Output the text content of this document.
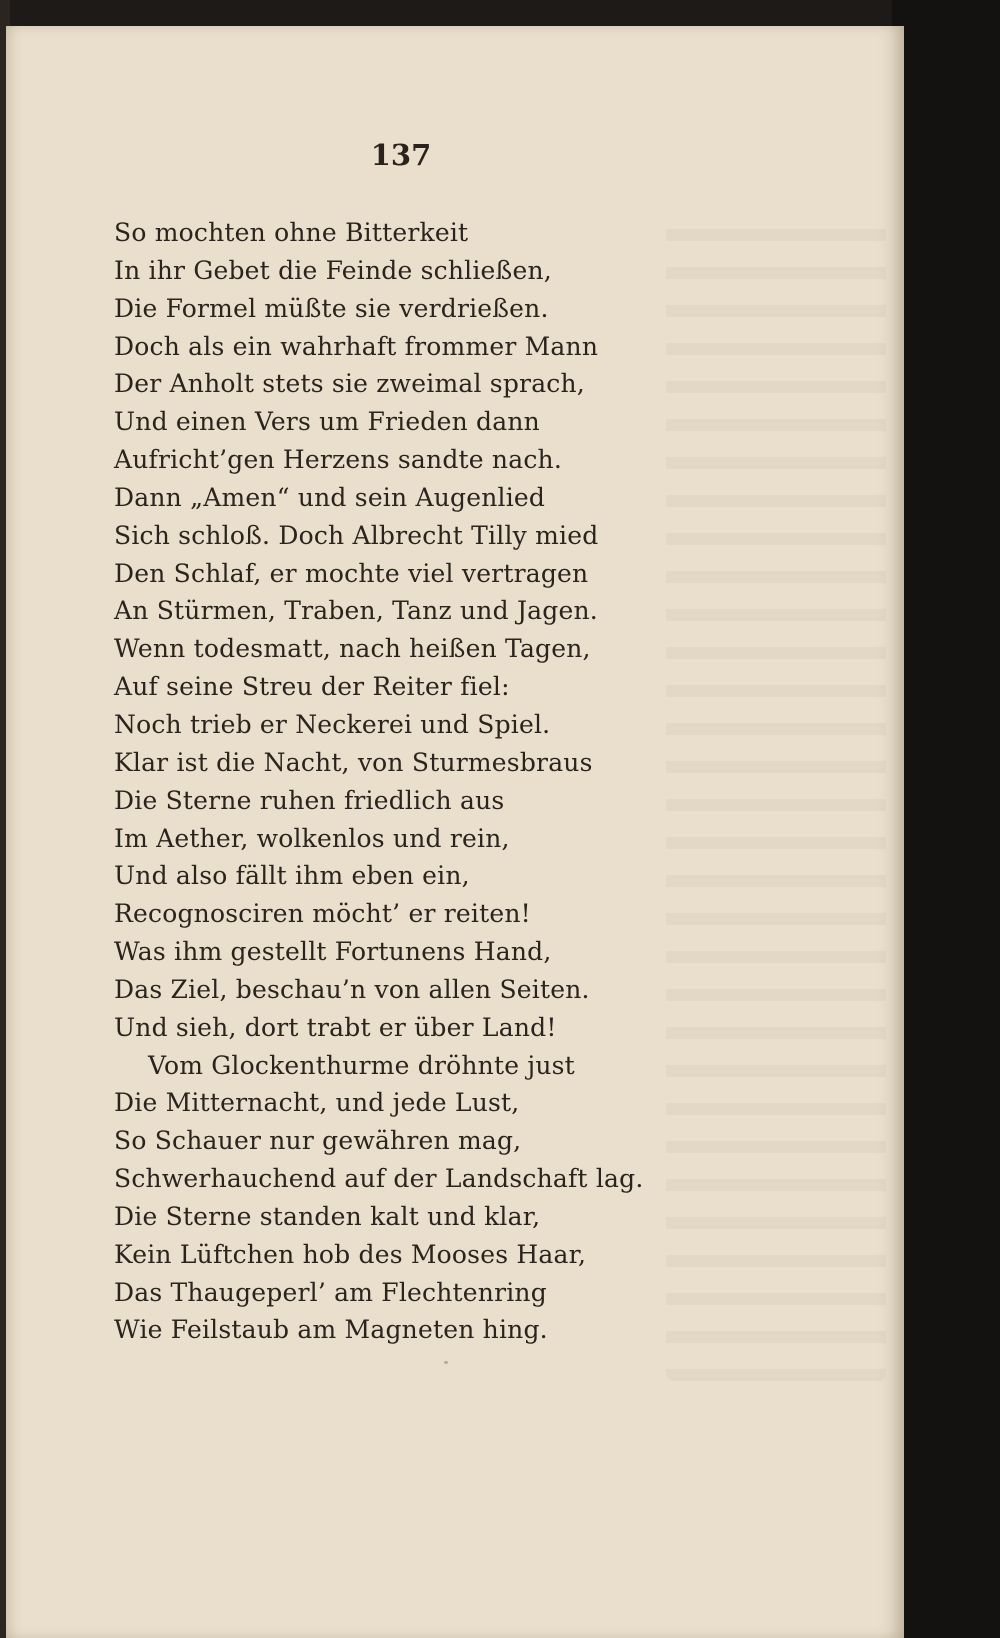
137
So mochten ohne Bitterkeit
In ihr Gebet die Feinde schließen,
Die Formel müßte sie verdrießen.
Doch als ein wahrhaft frommer Mann
Der Anholt stets sie zweimal sprach,
Und einen Vers um Frieden dann
Aufricht’gen Herzens sandte nach.
Dann „Amen“ und sein Augenlied
Sich schloß. Doch Albrecht Tilly mied
Den Schlaf, er mochte viel vertragen
An Stürmen, Traben, Tanz und Jagen.
Wenn todesmatt, nach heißen Tagen,
Auf seine Streu der Reiter fiel:
Noch trieb er Neckerei und Spiel.
Klar ist die Nacht, von Sturmesbraus
Die Sterne ruhen friedlich aus
Im Aether, wolkenlos und rein,
Und also fällt ihm eben ein,
Recognosciren möcht’ er reiten!
Was ihm gestellt Fortunens Hand,
Das Ziel, beschau’n von allen Seiten.
Und sieh, dort trabt er über Land!
Vom Glockenthurme dröhnte just
Die Mitternacht, und jede Lust,
So Schauer nur gewähren mag,
Schwerhauchend auf der Landschaft lag.
Die Sterne standen kalt und klar,
Kein Lüftchen hob des Mooses Haar,
Das Thaugeperl’ am Flechtenring
Wie Feilstaub am Magneten hing.
